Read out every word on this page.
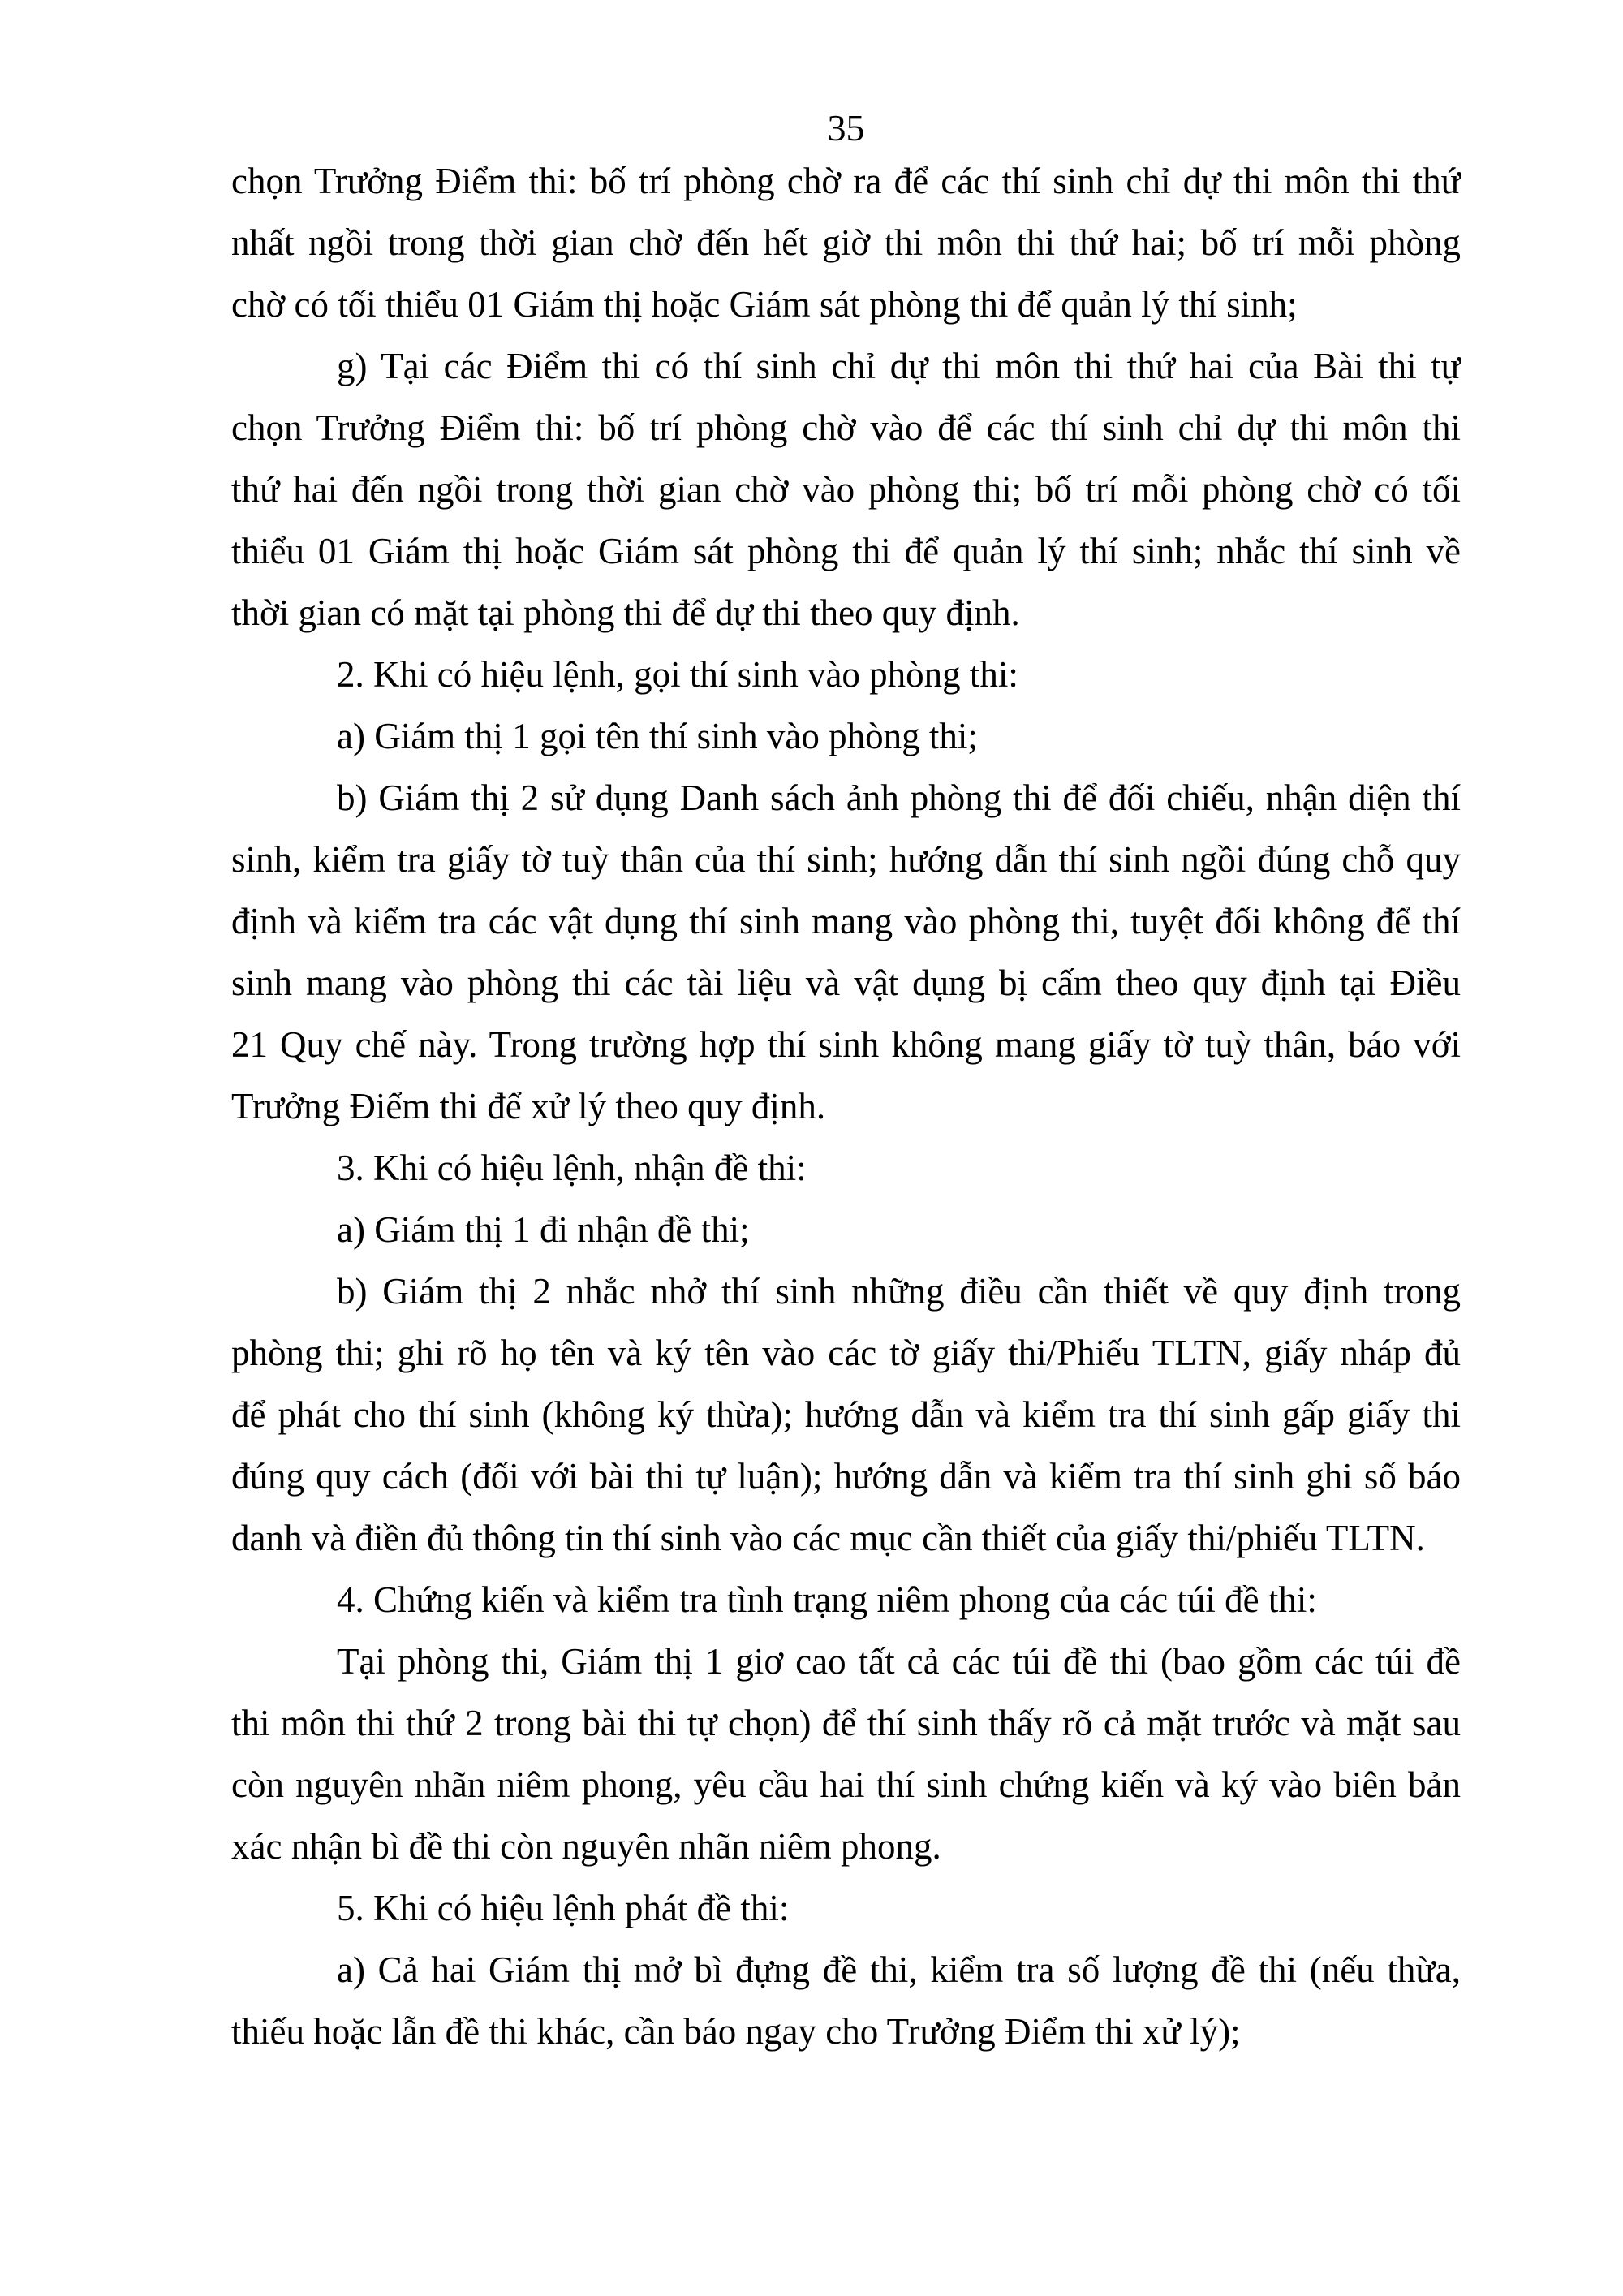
35
chọn Trưởng Điểm thi: bố trí phòng chờ ra để các thí sinh chỉ dự thi môn thi thứ
nhất ngồi trong thời gian chờ đến hết giờ thi môn thi thứ hai; bố trí mỗi phòng
chờ có tối thiểu 01 Giám thị hoặc Giám sát phòng thi để quản lý thí sinh;
g) Tại các Điểm thi có thí sinh chỉ dự thi môn thi thứ hai của Bài thi tự
chọn Trưởng Điểm thi: bố trí phòng chờ vào để các thí sinh chỉ dự thi môn thi
thứ hai đến ngồi trong thời gian chờ vào phòng thi; bố trí mỗi phòng chờ có tối
thiểu 01 Giám thị hoặc Giám sát phòng thi để quản lý thí sinh; nhắc thí sinh về
thời gian có mặt tại phòng thi để dự thi theo quy định.
2. Khi có hiệu lệnh, gọi thí sinh vào phòng thi:
a) Giám thị 1 gọi tên thí sinh vào phòng thi;
b) Giám thị 2 sử dụng Danh sách ảnh phòng thi để đối chiếu, nhận diện thí
sinh, kiểm tra giấy tờ tuỳ thân của thí sinh; hướng dẫn thí sinh ngồi đúng chỗ quy
định và kiểm tra các vật dụng thí sinh mang vào phòng thi, tuyệt đối không để thí
sinh mang vào phòng thi các tài liệu và vật dụng bị cấm theo quy định tại Điều
21 Quy chế này. Trong trường hợp thí sinh không mang giấy tờ tuỳ thân, báo với
Trưởng Điểm thi để xử lý theo quy định.
3. Khi có hiệu lệnh, nhận đề thi:
a) Giám thị 1 đi nhận đề thi;
b) Giám thị 2 nhắc nhở thí sinh những điều cần thiết về quy định trong
phòng thi; ghi rõ họ tên và ký tên vào các tờ giấy thi/Phiếu TLTN, giấy nháp đủ
để phát cho thí sinh (không ký thừa); hướng dẫn và kiểm tra thí sinh gấp giấy thi
đúng quy cách (đối với bài thi tự luận); hướng dẫn và kiểm tra thí sinh ghi số báo
danh và điền đủ thông tin thí sinh vào các mục cần thiết của giấy thi/phiếu TLTN.
4. Chứng kiến và kiểm tra tình trạng niêm phong của các túi đề thi:
Tại phòng thi, Giám thị 1 giơ cao tất cả các túi đề thi (bao gồm các túi đề
thi môn thi thứ 2 trong bài thi tự chọn) để thí sinh thấy rõ cả mặt trước và mặt sau
còn nguyên nhãn niêm phong, yêu cầu hai thí sinh chứng kiến và ký vào biên bản
xác nhận bì đề thi còn nguyên nhãn niêm phong.
5. Khi có hiệu lệnh phát đề thi:
a) Cả hai Giám thị mở bì đựng đề thi, kiểm tra số lượng đề thi (nếu thừa,
thiếu hoặc lẫn đề thi khác, cần báo ngay cho Trưởng Điểm thi xử lý);
